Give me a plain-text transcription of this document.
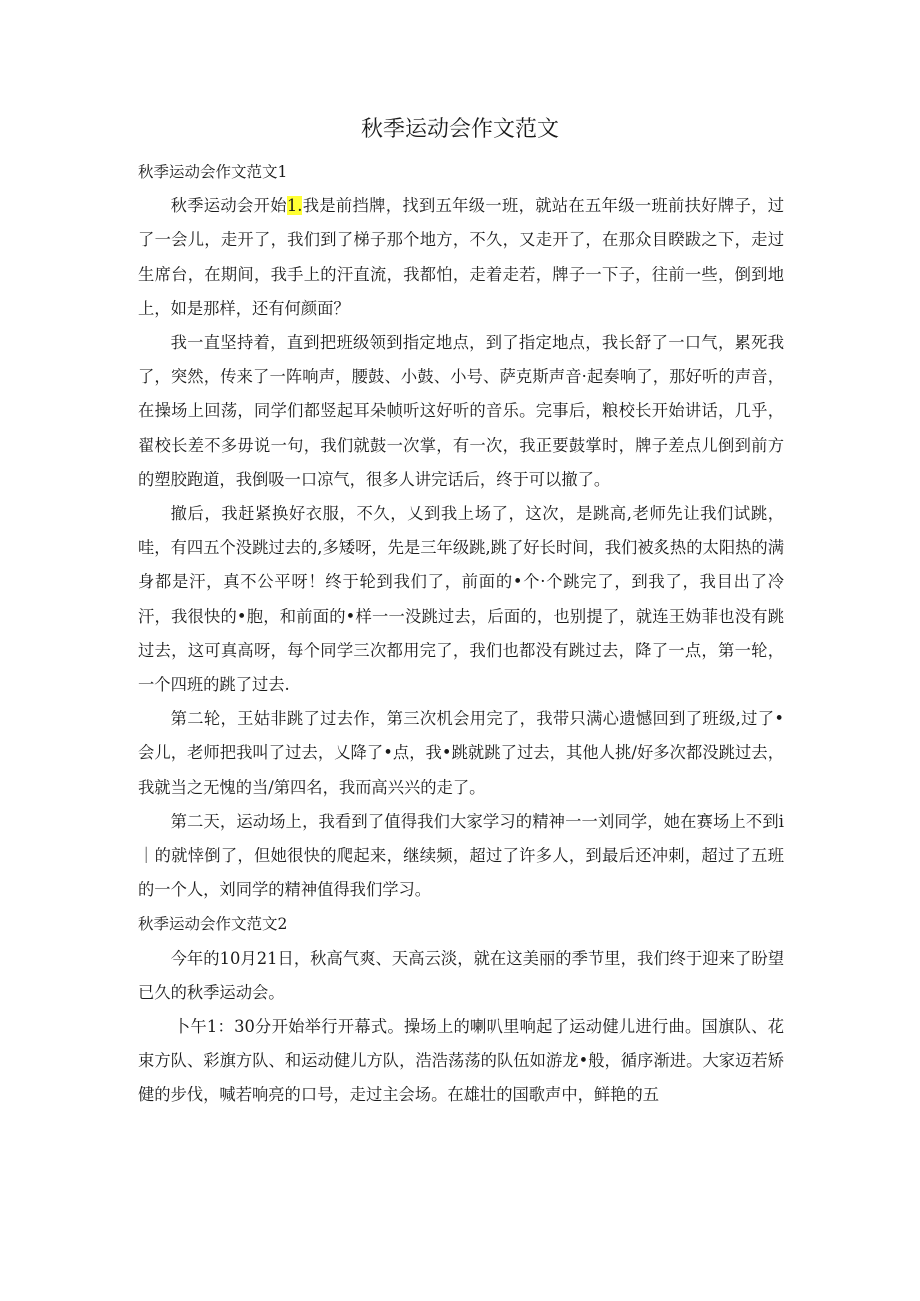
秋季运动会作文范文

秋季运动会作文范文1

秋季运动会开始1.我是前挡牌，找到五年级一班，就站在五年级一班前扶好牌子，过了一会儿，走开了，我们到了梯子那个地方，不久，又走开了，在那众目睽跋之下，走过生席台，在期间，我手上的汗直流，我都怕，走着走若，牌子一下子，往前一些，倒到地上，如是那样，还有何颜面？

我一直坚持着，直到把班级领到指定地点，到了指定地点，我长舒了一口气，累死我了，突然，传来了一阵响声，腰鼓、小鼓、小号、萨克斯声音·起奏响了，那好听的声音，在操场上回荡，同学们都竖起耳朵帧听这好听的音乐。完事后，粮校长开始讲话，几乎，翟校长差不多毋说一句，我们就鼓一次掌，有一次，我正要鼓掌时，牌子差点儿倒到前方的塑胶跑道，我倒吸一口凉气，很多人讲完话后，终于可以撤了。

撤后，我赶紧换好衣服，不久，乂到我上场了，这次，是跳高,老师先让我们试跳，哇，有四五个没跳过去的,多矮呀，先是三年级跳,跳了好长时间，我们被炙热的太阳热的满身都是汗，真不公平呀！终于轮到我们了，前面的•个·个跳完了，到我了，我目出了冷汗，我很快的•胞，和前面的•样一一没跳过去，后面的，也别提了，就连王妫菲也没有跳过去，这可真高呀，每个同学三次都用完了，我们也都没有跳过去，降了一点，第一轮，一个四班的跳了过去.

第二轮，王姑非跳了过去作，第三次机会用完了，我带只满心遗憾回到了班级,过了•会儿，老师把我叫了过去，乂降了•点，我•跳就跳了过去，其他人挑/好多次都没跳过去，我就当之无愧的当/第四名，我而高兴兴的走了。

第二天，运动场上，我看到了值得我们大家学习的精神一一刘同学，她在赛场上不到i｜的就悻倒了，但她很快的爬起来，继续频，超过了许多人，到最后还冲刺，超过了五班的一个人，刘同学的精神值得我们学习。

秋季运动会作文范文2

今年的10月21日，秋高气爽、天高云淡，就在这美丽的季节里，我们终于迎来了盼望已久的秋季运动会。

卜午1：30分开始举行开幕式。操场上的喇叭里响起了运动健儿进行曲。国旗队、花束方队、彩旗方队、和运动健儿方队，浩浩荡荡的队伍如游龙•般，循序渐进。大家迈若矫健的步伐，喊若响亮的口号，走过主会场。在雄壮的国歌声中，鲜艳的五
